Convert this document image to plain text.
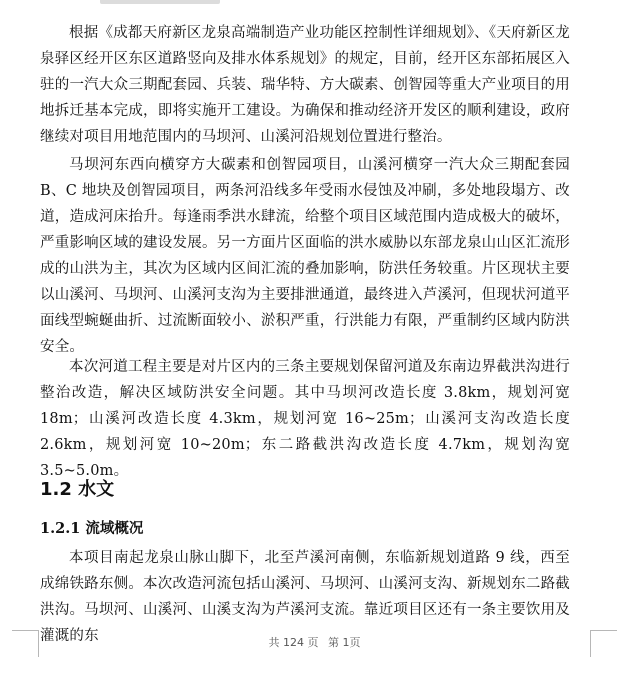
根据《成都天府新区龙泉高端制造产业功能区控制性详细规划》、《天府新区龙泉驿区经开区东区道路竖向及排水体系规划》的规定，目前，经开区东部拓展区入驻的一汽大众三期配套园、兵装、瑞华特、方大碳素、创智园等重大产业项目的用地拆迁基本完成，即将实施开工建设。为确保和推动经济开发区的顺利建设，政府继续对项目用地范围内的马坝河、山溪河沿规划位置进行整治。

马坝河东西向横穿方大碳素和创智园项目，山溪河横穿一汽大众三期配套园 B、C 地块及创智园项目，两条河沿线多年受雨水侵蚀及冲刷，多处地段塌方、改道，造成河床抬升。每逢雨季洪水肆流，给整个项目区域范围内造成极大的破坏，严重影响区域的建设发展。另一方面片区面临的洪水威胁以东部龙泉山山区汇流形成的山洪为主，其次为区域内区间汇流的叠加影响，防洪任务较重。片区现状主要以山溪河、马坝河、山溪河支沟为主要排泄通道，最终进入芦溪河，但现状河道平面线型蜿蜒曲折、过流断面较小、淤积严重，行洪能力有限，严重制约区域内防洪安全。

本次河道工程主要是对片区内的三条主要规划保留河道及东南边界截洪沟进行整治改造，解决区域防洪安全问题。其中马坝河改造长度 3.8km，规划河宽 18m；山溪河改造长度 4.3km，规划河宽 16~25m；山溪河支沟改造长度 2.6km，规划河宽 10~20m；东二路截洪沟改造长度 4.7km，规划沟宽 3.5~5.0m。

1.2 水文
1.2.1 流域概况

本项目南起龙泉山脉山脚下，北至芦溪河南侧，东临新规划道路 9 线，西至成绵铁路东侧。本次改造河流包括山溪河、马坝河、山溪河支沟、新规划东二路截洪沟。马坝河、山溪河、山溪支沟为芦溪河支流。靠近项目区还有一条主要饮用及灌溉的东	共 124 页 第 1页
